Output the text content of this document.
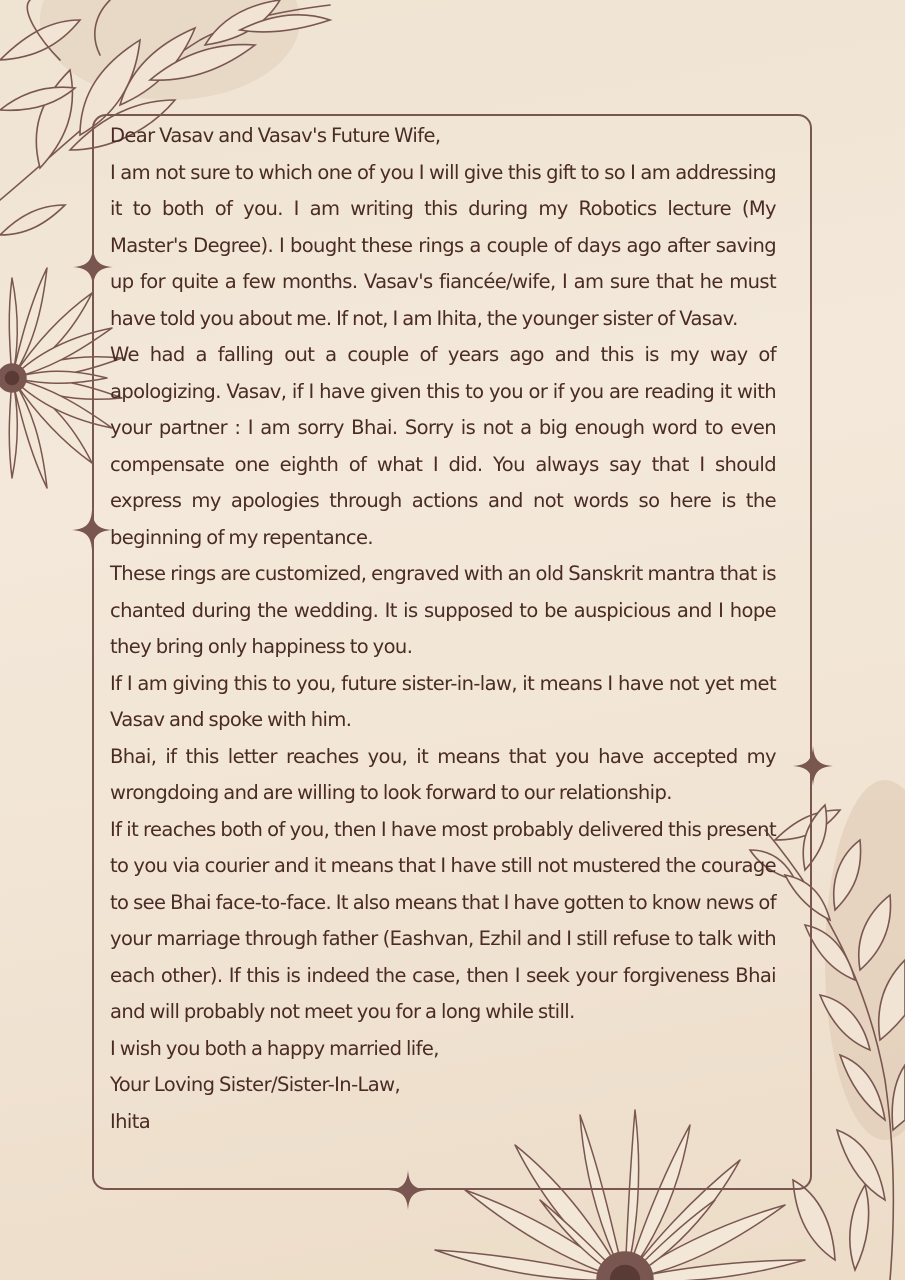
Dear Vasav and Vasav's Future Wife,

I am not sure to which one of you I will give this gift to so I am addressing it to both of you. I am writing this during my Robotics lecture (My Master's Degree). I bought these rings a couple of days ago after saving up for quite a few months. Vasav's fiancée/wife, I am sure that he must have told you about me. If not, I am Ihita, the younger sister of Vasav.

We had a falling out a couple of years ago and this is my way of apologizing. Vasav, if I have given this to you or if you are reading it with your partner : I am sorry Bhai. Sorry is not a big enough word to even compensate one eighth of what I did. You always say that I should express my apologies through actions and not words so here is the beginning of my repentance.

These rings are customized, engraved with an old Sanskrit mantra that is chanted during the wedding. It is supposed to be auspicious and I hope they bring only happiness to you.

If I am giving this to you, future sister-in-law, it means I have not yet met Vasav and spoke with him.

Bhai, if this letter reaches you, it means that you have accepted my wrongdoing and are willing to look forward to our relationship.

If it reaches both of you, then I have most probably delivered this present to you via courier and it means that I have still not mustered the courage to see Bhai face-to-face. It also means that I have gotten to know news of your marriage through father (Eashvan, Ezhil and I still refuse to talk with each other). If this is indeed the case, then I seek your forgiveness Bhai and will probably not meet you for a long while still.

I wish you both a happy married life,

Your Loving Sister/Sister-In-Law,

Ihita
